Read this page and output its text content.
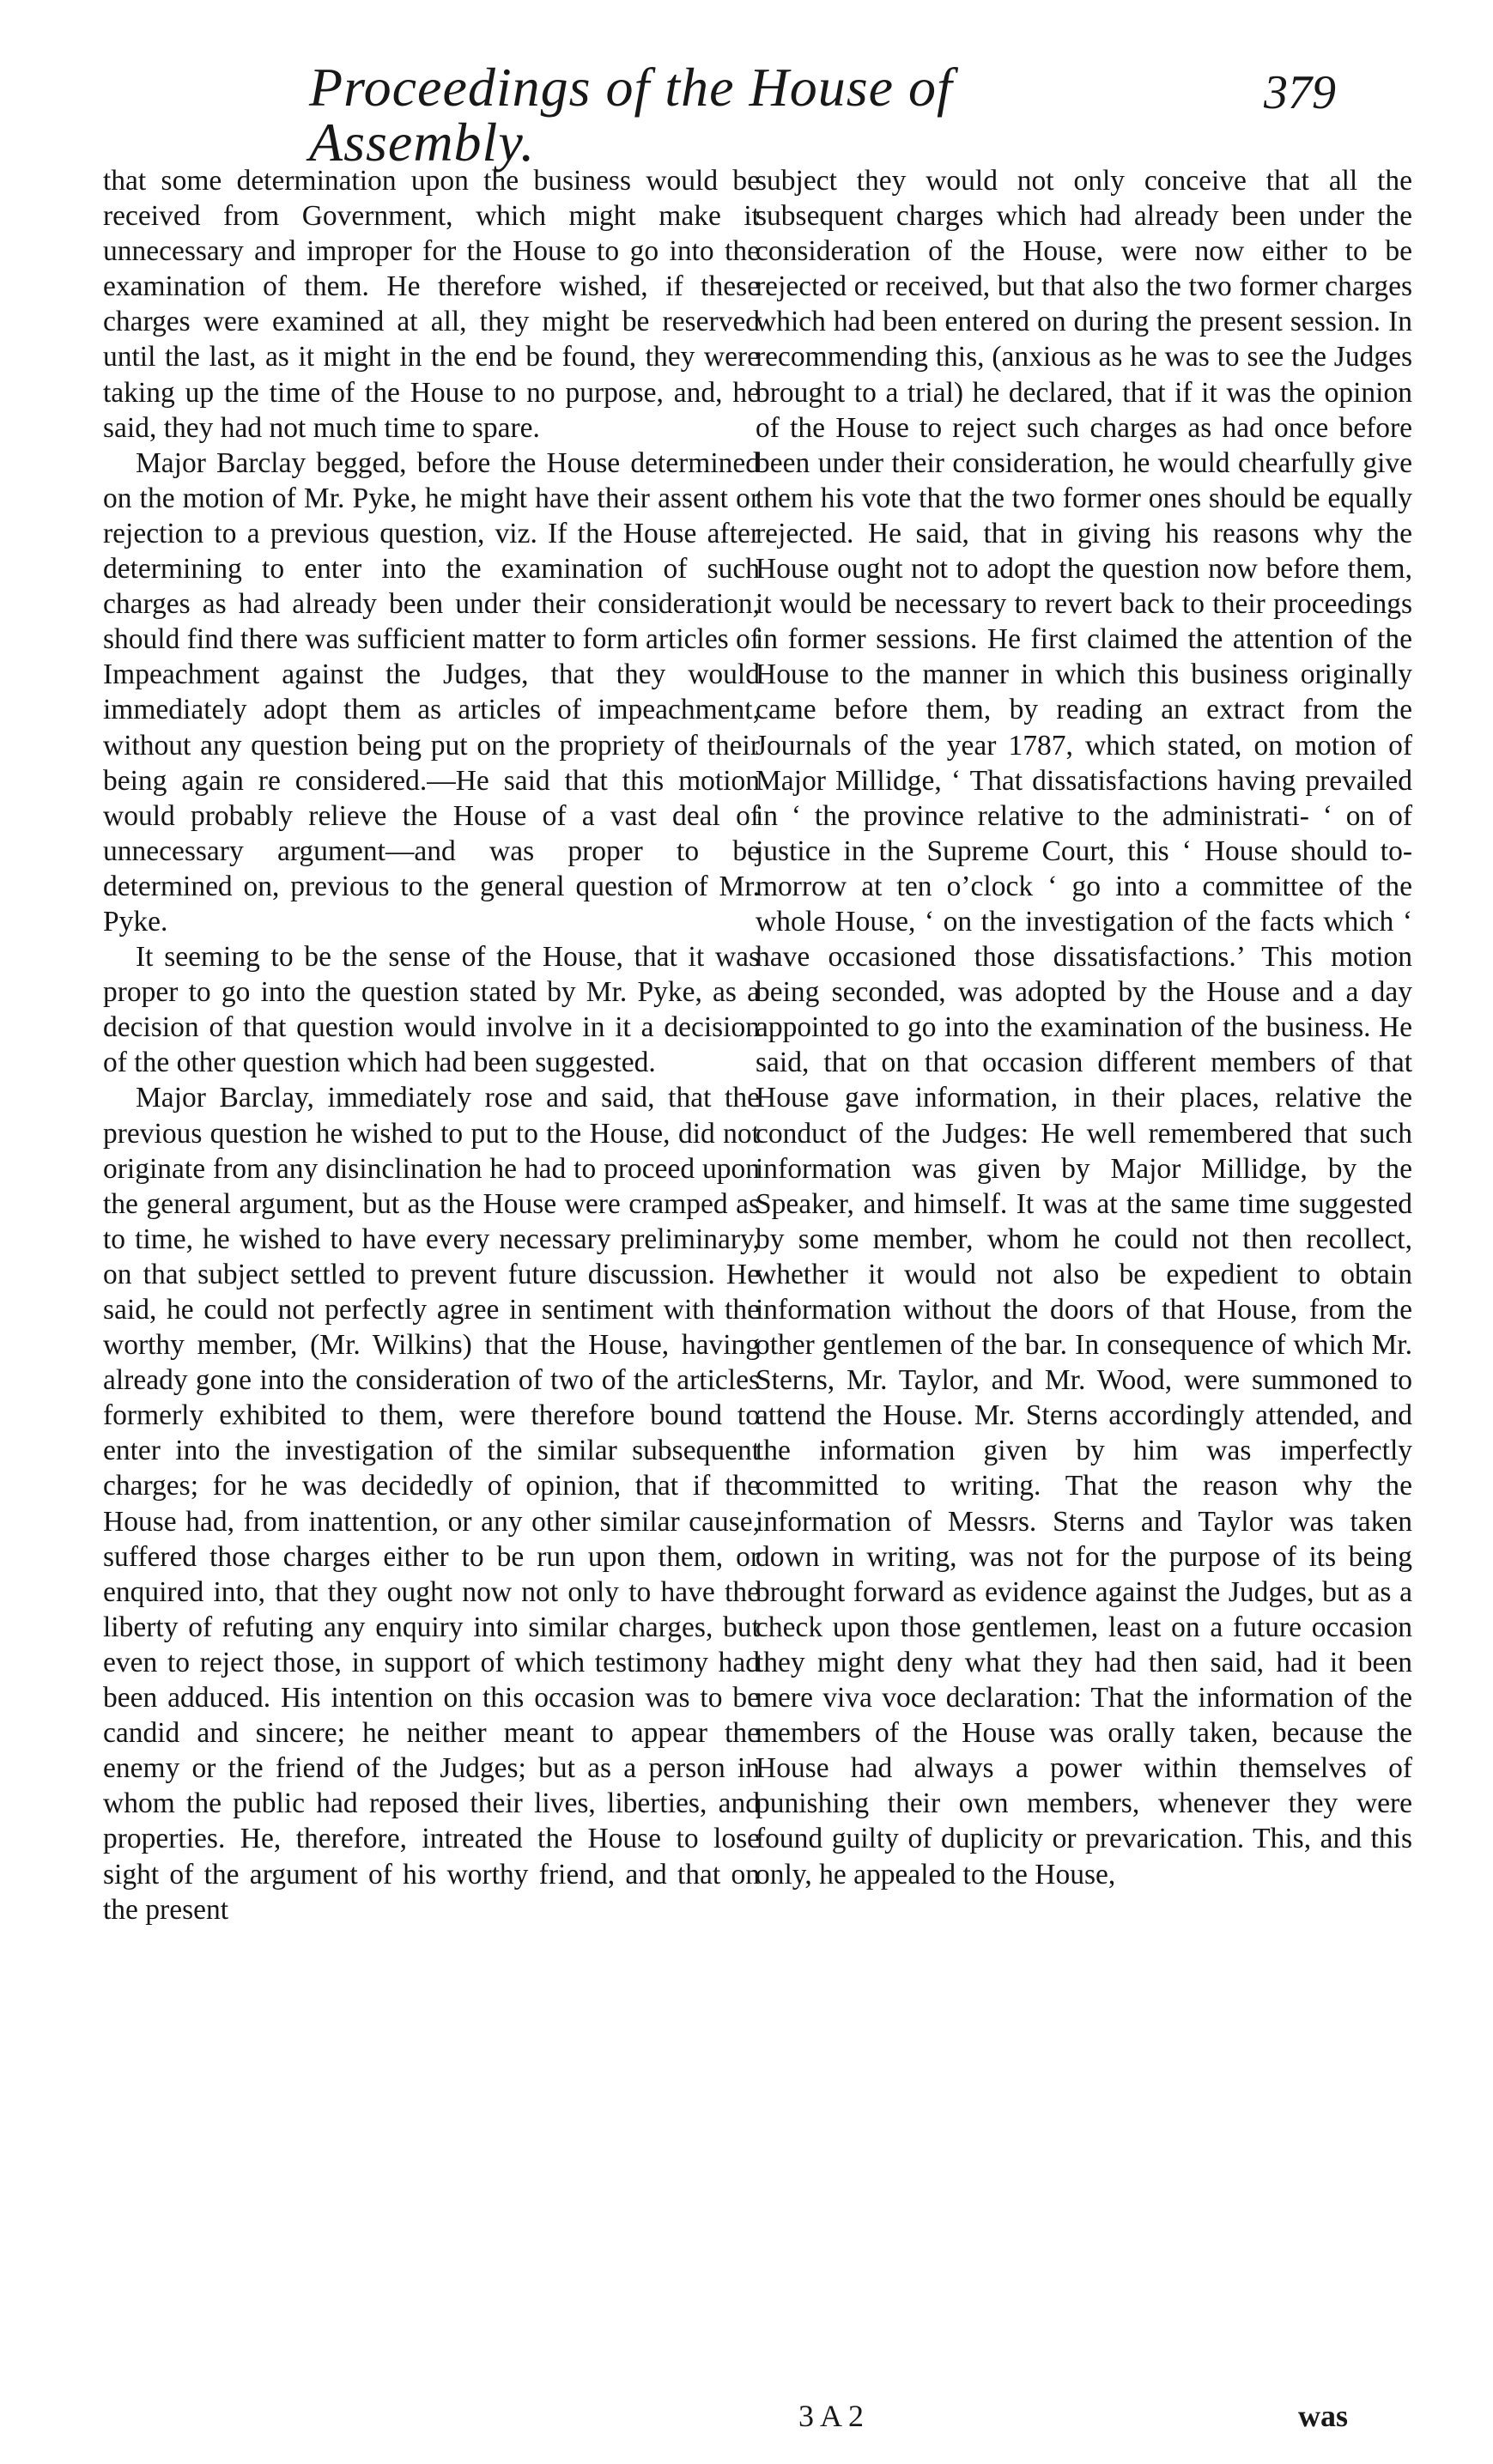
Proceedings of the House of Assembly.
379

that some determination upon the business would be received from Government, which might make it unnecessary and improper for the House to go into the examination of them. He therefore wished, if these charges were examined at all, they might be reserved until the last, as it might in the end be found, they were taking up the time of the House to no purpose, and, he said, they had not much time to spare.

Major Barclay begged, before the House determined on the motion of Mr. Pyke, he might have their assent or rejection to a previous question, viz. If the House after determining to enter into the examination of such charges as had already been under their consideration, should find there was sufficient matter to form articles of Impeachment against the Judges, that they would immediately adopt them as articles of impeachment, without any question being put on the propriety of their being again re considered.—He said that this motion would probably relieve the House of a vast deal of unnecessary argument—and was proper to be determined on, previous to the general question of Mr. Pyke.

It seeming to be the sense of the House, that it was proper to go into the question stated by Mr. Pyke, as a decision of that question would involve in it a decision of the other question which had been suggested.

Major Barclay, immediately rose and said, that the previous question he wished to put to the House, did not originate from any disinclination he had to proceed upon the general argument, but as the House were cramped as to time, he wished to have every necessary preliminary, on that subject settled to prevent future discussion. He said, he could not perfectly agree in sentiment with the worthy member, (Mr. Wilkins) that the House, having already gone into the consideration of two of the articles formerly exhibited to them, were therefore bound to enter into the investigation of the similar subsequent charges; for he was decidedly of opinion, that if the House had, from inattention, or any other similar cause, suffered those charges either to be run upon them, or enquired into, that they ought now not only to have the liberty of refuting any enquiry into similar charges, but even to reject those, in support of which testimony had been adduced. His intention on this occasion was to be candid and sincere; he neither meant to appear the enemy or the friend of the Judges; but as a person in whom the public had reposed their lives, liberties, and properties. He, therefore, intreated the House to lose sight of the argument of his worthy friend, and that on the present

subject they would not only conceive that all the subsequent charges which had already been under the consideration of the House, were now either to be rejected or received, but that also the two former charges which had been entered on during the present session. In recommending this, (anxious as he was to see the Judges brought to a trial) he declared, that if it was the opinion of the House to reject such charges as had once before been under their consideration, he would chearfully give them his vote that the two former ones should be equally rejected. He said, that in giving his reasons why the House ought not to adopt the question now before them, it would be necessary to revert back to their proceedings in former sessions. He first claimed the attention of the House to the manner in which this business originally came before them, by reading an extract from the Journals of the year 1787, which stated, on motion of Major Millidge, ‘ That dissatisfactions having prevailed in ‘ the province relative to the administrati- ‘ on of justice in the Supreme Court, this ‘ House should to-morrow at ten o’clock ‘ go into a committee of the whole House, ‘ on the investigation of the facts which ‘ have occasioned those dissatisfactions.’ This motion being seconded, was adopted by the House and a day appointed to go into the examination of the business. He said, that on that occasion different members of that House gave information, in their places, relative the conduct of the Judges: He well remembered that such information was given by Major Millidge, by the Speaker, and himself. It was at the same time suggested by some member, whom he could not then recollect, whether it would not also be expedient to obtain information without the doors of that House, from the other gentlemen of the bar. In consequence of which Mr. Sterns, Mr. Taylor, and Mr. Wood, were summoned to attend the House. Mr. Sterns accordingly attended, and the information given by him was imperfectly committed to writing. That the reason why the information of Messrs. Sterns and Taylor was taken down in writing, was not for the purpose of its being brought forward as evidence against the Judges, but as a check upon those gentlemen, least on a future occasion they might deny what they had then said, had it been mere viva voce declaration: That the information of the members of the House was orally taken, because the House had always a power within themselves of punishing their own members, whenever they were found guilty of duplicity or prevarication. This, and this only, he appealed to the House,

3 A 2	was
